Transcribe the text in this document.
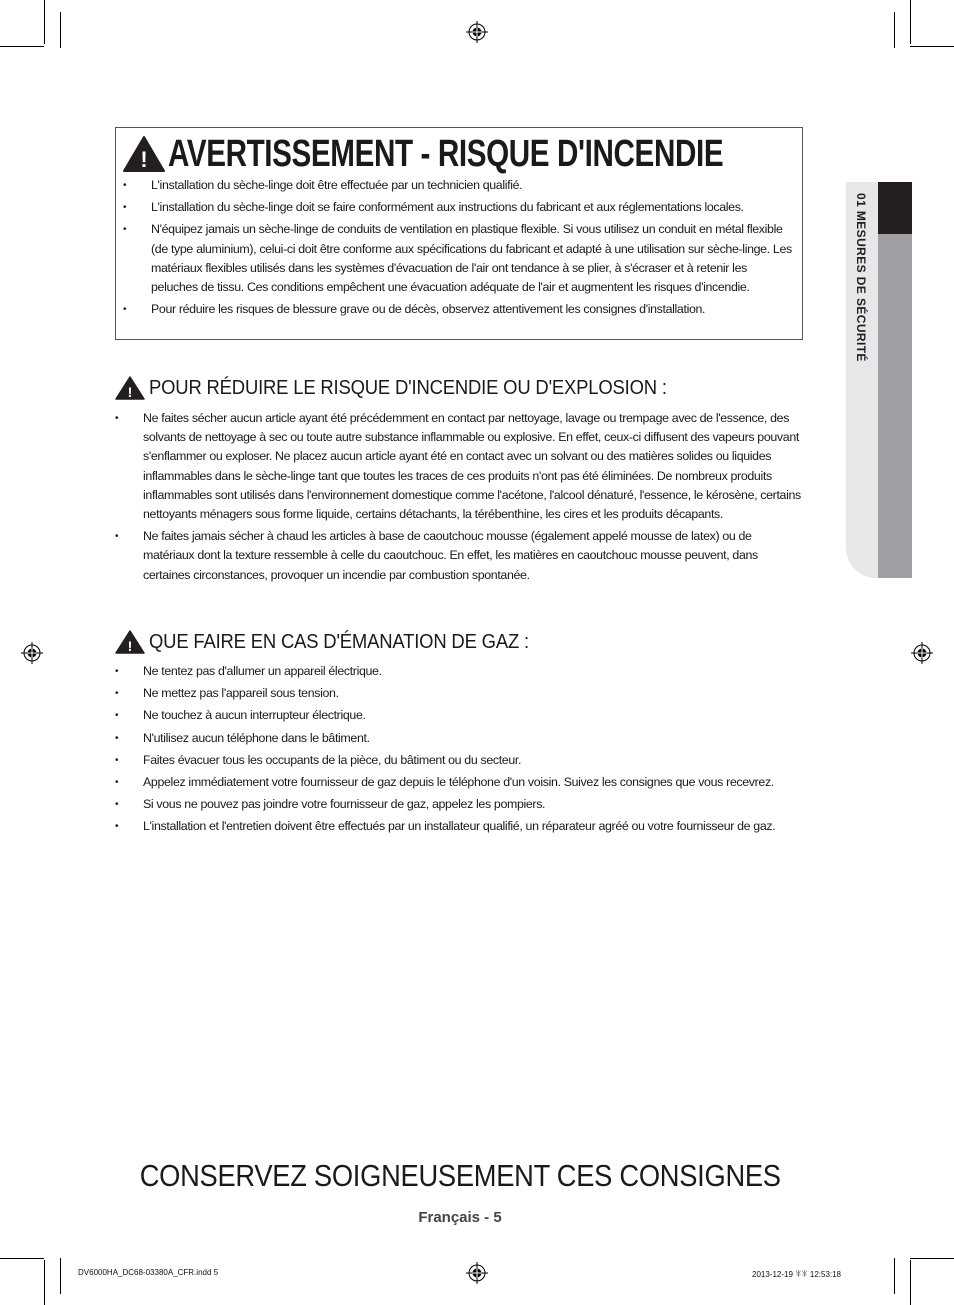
01 MESURES DE SÉCURITÉ
! AVERTISSEMENT - RISQUE D'INCENDIE
• L'installation du sèche-linge doit être effectuée par un technicien qualifié.
• L'installation du sèche-linge doit se faire conformément aux instructions du fabricant et aux réglementations locales.
• N'équipez jamais un sèche-linge de conduits de ventilation en plastique flexible. Si vous utilisez un conduit en métal flexible (de type aluminium), celui-ci doit être conforme aux spécifications du fabricant et adapté à une utilisation sur sèche-linge. Les matériaux flexibles utilisés dans les systèmes d'évacuation de l'air ont tendance à se plier, à s'écraser et à retenir les peluches de tissu. Ces conditions empêchent une évacuation adéquate de l'air et augmentent les risques d'incendie.
• Pour réduire les risques de blessure grave ou de décès, observez attentivement les consignes d'installation.
! POUR RÉDUIRE LE RISQUE D'INCENDIE OU D'EXPLOSION :
• Ne faites sécher aucun article ayant été précédemment en contact par nettoyage, lavage ou trempage avec de l'essence, des solvants de nettoyage à sec ou toute autre substance inflammable ou explosive. En effet, ceux-ci diffusent des vapeurs pouvant s'enflammer ou exploser. Ne placez aucun article ayant été en contact avec un solvant ou des matières solides ou liquides inflammables dans le sèche-linge tant que toutes les traces de ces produits n'ont pas été éliminées. De nombreux produits inflammables sont utilisés dans l'environnement domestique comme l'acétone, l'alcool dénaturé, l'essence, le kérosène, certains nettoyants ménagers sous forme liquide, certains détachants, la térébenthine, les cires et les produits décapants.
• Ne faites jamais sécher à chaud les articles à base de caoutchouc mousse (également appelé mousse de latex) ou de matériaux dont la texture ressemble à celle du caoutchouc. En effet, les matières en caoutchouc mousse peuvent, dans certaines circonstances, provoquer un incendie par combustion spontanée.
! QUE FAIRE EN CAS D'ÉMANATION DE GAZ :
• Ne tentez pas d'allumer un appareil électrique.
• Ne mettez pas l'appareil sous tension.
• Ne touchez à aucun interrupteur électrique.
• N'utilisez aucun téléphone dans le bâtiment.
• Faites évacuer tous les occupants de la pièce, du bâtiment ou du secteur.
• Appelez immédiatement votre fournisseur de gaz depuis le téléphone d'un voisin. Suivez les consignes que vous recevrez.
• Si vous ne pouvez pas joindre votre fournisseur de gaz, appelez les pompiers.
• L'installation et l'entretien doivent être effectués par un installateur qualifié, un réparateur agréé ou votre fournisseur de gaz.
CONSERVEZ SOIGNEUSEMENT CES CONSIGNES
Français - 5
DV6000HA_DC68-03380A_CFR.indd 5	2013-12-19 ꈎꈎ 12:53:18
